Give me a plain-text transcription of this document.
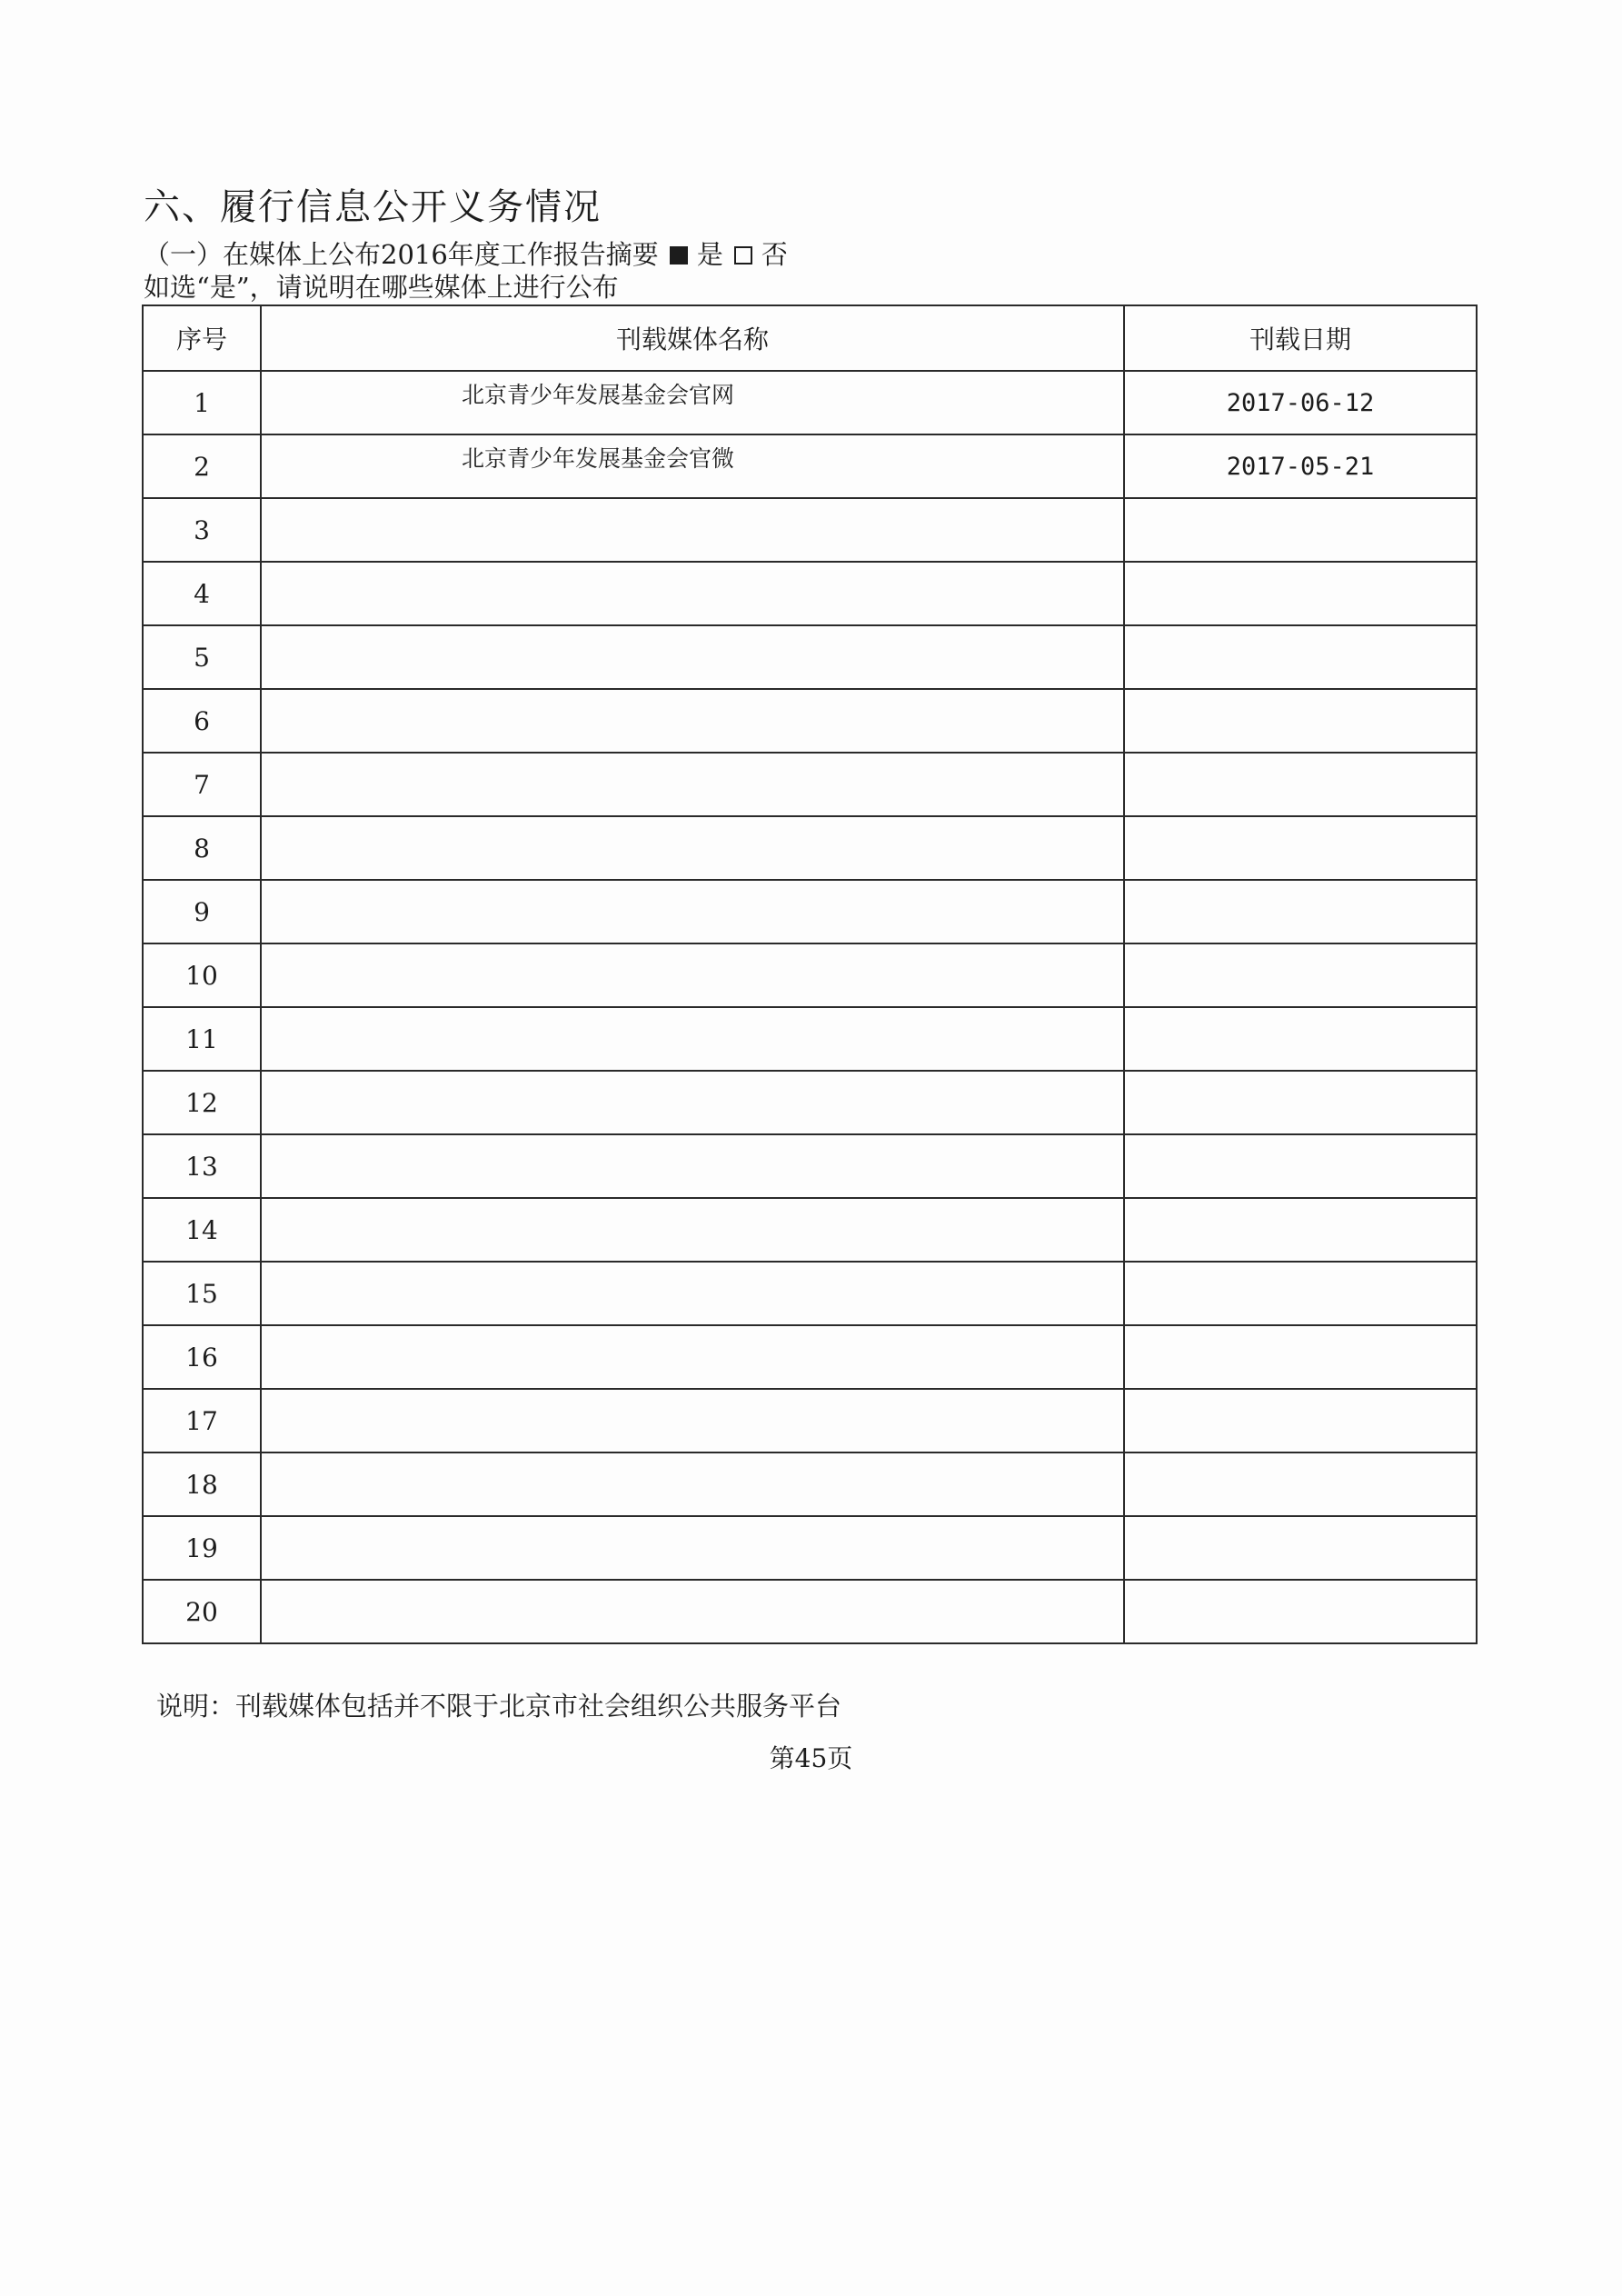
六、履行信息公开义务情况
（一）在媒体上公布2016年度工作报告摘要 是 否
如选“是”，请说明在哪些媒体上进行公布
序号	刊载媒体名称	刊载日期
1	北京青少年发展基金会官网	2017-06-12
2	北京青少年发展基金会官微	2017-05-21
3	

4	

5	

6	

7	

8	

9	

10	

11	

12	

13	

14	

15	

16	

17	

18	

19	

20	

说明：刊载媒体包括并不限于北京市社会组织公共服务平台
第45页
